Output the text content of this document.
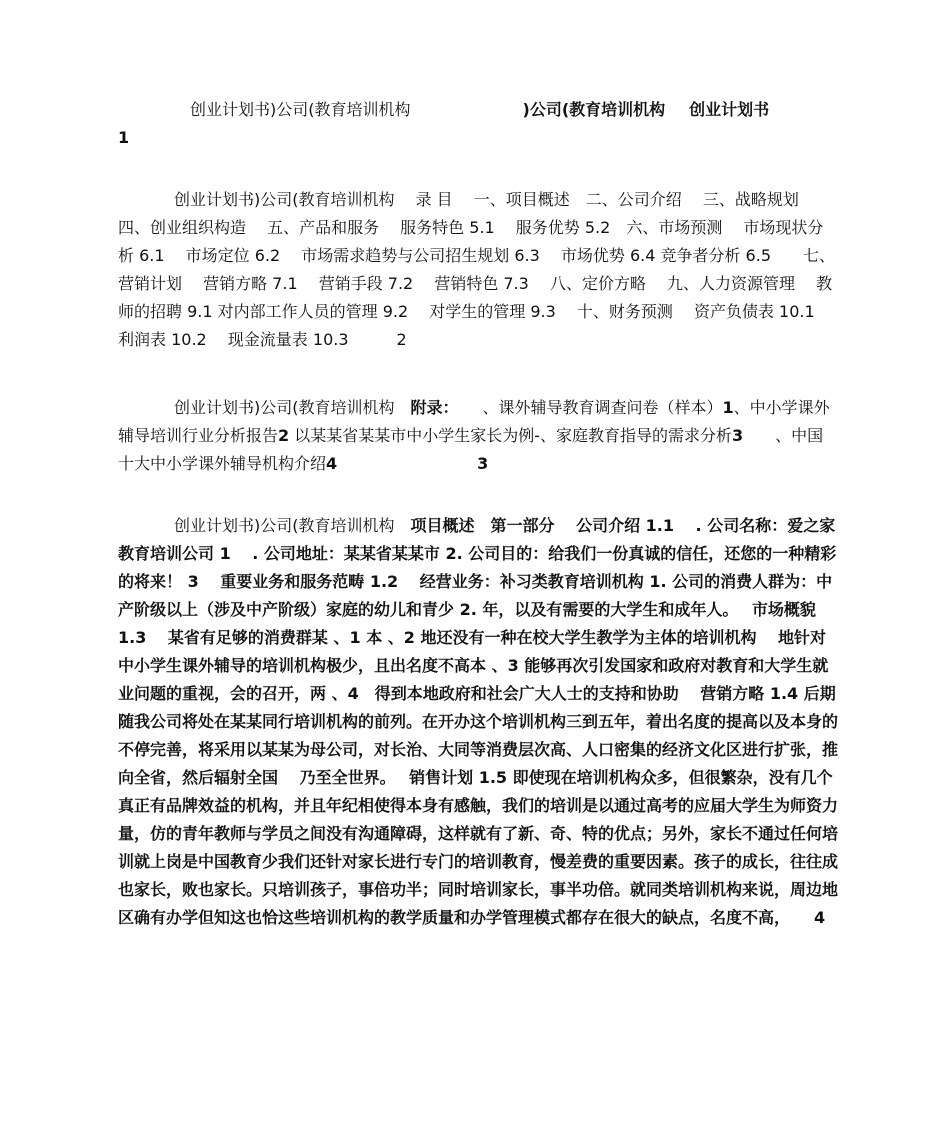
创业计划书)公司(教育培训机构	)公司(教育培训机构 创业计划书
1
创业计划书)公司(教育培训机构　 录 目　 一、项目概述　二、公司介绍　 三、战略规划　 四、创业组织构造　 五、产品和服务　 服务特色 5.1　 服务优势 5.2　六、市场预测　 市场现状分析 6.1　 市场定位 6.2　 市场需求趋势与公司招生规划 6.3　 市场优势 6.4 竞争者分析 6.5　　七、营销计划　 营销方略 7.1　 营销手段 7.2　 营销特色 7.3　 八、定价方略　 九、人力资源管理　 教师的招聘 9.1 对内部工作人员的管理 9.2　 对学生的管理 9.3　 十、财务预测　 资产负债表 10.1　 利润表 10.2　 现金流量表 10.3　　　2
创业计划书)公司(教育培训机构　附录：　　、课外辅导教育调查问卷（样本）1、中小学课外辅导培训行业分析报告2 以某某省某某市中小学生家长为例-、家庭教育指导的需求分析3　　、中国十大中小学课外辅导机构介绍4	3
创业计划书)公司(教育培训机构　项目概述　第一部分　 公司介绍 1.1　 . 公司名称：爱之家教育培训公司 1　 . 公司地址：某某省某某市 2. 公司目的：给我们一份真诚的信任，还您的一种精彩的将来！ 3　 重要业务和服务范畴 1.2　 经营业务：补习类教育培训机构 1. 公司的消费人群为：中产阶级以上（涉及中产阶级）家庭的幼儿和青少 2. 年，以及有需要的大学生和成年人。　 市场概貌 1.3　 某省有足够的消费群某 、1 本 、2 地还没有一种在校大学生教学为主体的培训机构　 地针对中小学生课外辅导的培训机构极少，且出名度不高本 、3 能够再次引发国家和政府对教育和大学生就业问题的重视，会的召开，两 、4　得到本地政府和社会广大人士的支持和协助　 营销方略 1.4 后期随我公司将处在某某同行培训机构的前列。在开办这个培训机构三到五年，着出名度的提高以及本身的不停完善，将采用以某某为母公司，对长治、大同等消费层次高、人口密集的经济文化区进行扩张，推向全省，然后辐射全国　 乃至全世界。　 销售计划 1.5 即使现在培训机构众多，但很繁杂，没有几个真正有品牌效益的机构，并且年纪相使得本身有感触，我们的培训是以通过高考的应届大学生为师资力量，仿的青年教师与学员之间没有沟通障碍，这样就有了新、奇、特的优点；另外，家长不通过任何培训就上岗是中国教育少我们还针对家长进行专门的培训教育，慢差费的重要因素。孩子的成长，往往成也家长，败也家长。只培训孩子，事倍功半；同时培训家长，事半功倍。就同类培训机构来说，周边地区确有办学但知这也恰这些培训机构的教学质量和办学管理模式都存在很大的缺点，名度不高，　　4
